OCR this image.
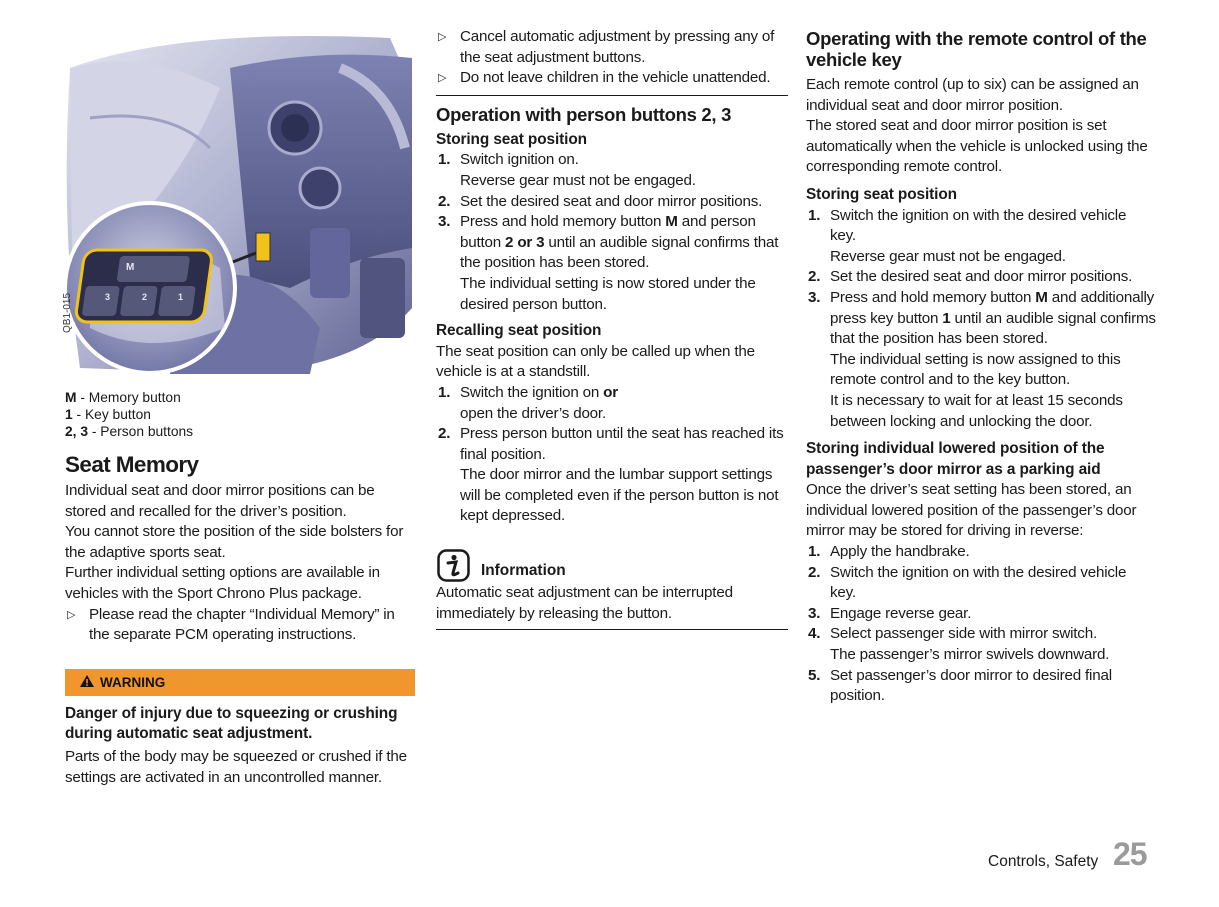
M
3	2	1
QB1-015

M - Memory button

1 - Key button

2, 3 - Person buttons

Seat Memory

Individual seat and door mirror positions can be stored and recalled for the driver’s position.

You cannot store the position of the side bolsters for the adaptive sports seat.

Further individual setting options are available in vehicles with the Sport Chrono Plus package.

▷ Please read the chapter “Individual Memory” in the separate PCM operating instructions.

WARNING

Danger of injury due to squeezing or crushing during automatic seat adjustment.

Parts of the body may be squeezed or crushed if the settings are activated in an uncontrolled manner.

▷ Cancel automatic adjustment by pressing any of the seat adjustment buttons.

▷ Do not leave children in the vehicle unattended.

Operation with person buttons 2, 3

Storing seat position

1. Switch ignition on.

Reverse gear must not be engaged.

2. Set the desired seat and door mirror positions.

3. Press and hold memory button M and person button 2 or 3 until an audible signal confirms that the position has been stored.

The individual setting is now stored under the desired person button.

Recalling seat position

The seat position can only be called up when the vehicle is at a standstill.

1. Switch the ignition on or
open the driver’s door.

2. Press person button until the seat has reached its final position.

The door mirror and the lumbar support settings will be completed even if the person button is not kept depressed.

Information

Automatic seat adjustment can be interrupted immediately by releasing the button.

Operating with the remote control of the vehicle key

Each remote control (up to six) can be assigned an individual seat and door mirror position.

The stored seat and door mirror position is set automatically when the vehicle is unlocked using the corresponding remote control.

Storing seat position

1. Switch the ignition on with the desired vehicle key.

Reverse gear must not be engaged.

2. Set the desired seat and door mirror positions.

3. Press and hold memory button M and additionally press key button 1 until an audible signal confirms that the position has been stored.

The individual setting is now assigned to this remote control and to the key button.

It is necessary to wait for at least 15 seconds between locking and unlocking the door.

Storing individual lowered position of the passenger’s door mirror as a parking aid

Once the driver’s seat setting has been stored, an individual lowered position of the passenger’s door mirror may be stored for driving in reverse:

1. Apply the handbrake.

2. Switch the ignition on with the desired vehicle key.

3. Engage reverse gear.

4. Select passenger side with mirror switch.

The passenger’s mirror swivels downward.

5. Set passenger’s door mirror to desired final position.

Controls, Safety 25
